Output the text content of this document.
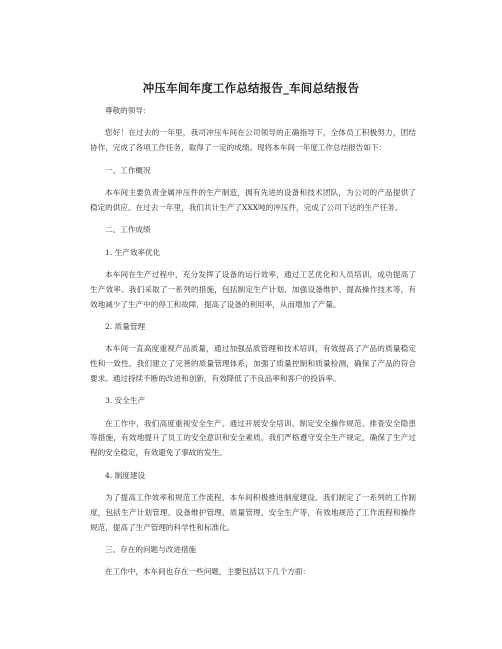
冲压车间年度工作总结报告_车间总结报告

尊敬的领导：

您好！在过去的一年里，我司冲压车间在公司领导的正确指导下，全体员工积极努力，团结协作，完成了各项工作任务，取得了一定的成绩。现将本车间一年度工作总结报告如下：

一、工作概况

本车间主要负责金属冲压件的生产制造，拥有先进的设备和技术团队，为公司的产品提供了稳定的供应。在过去一年里，我们共计生产了XXX吨的冲压件，完成了公司下达的生产任务。

二、工作成绩

1. 生产效率优化

本车间在生产过程中，充分发挥了设备的运行效率，通过工艺优化和人员培训，成功提高了生产效率。我们采取了一系列的措施，包括制定生产计划、加强设备维护、提高操作技术等，有效地减少了生产中的停工和故障，提高了设备的利用率，从而增加了产量。

2. 质量管理

本车间一直高度重视产品质量，通过加强品质管理和技术培训，有效提高了产品的质量稳定性和一致性。我们建立了完善的质量管理体系，加强了质量控制和质量检测，确保了产品的符合要求。通过持续不断的改进和创新，有效降低了不良品率和客户的投诉率。

3. 安全生产

在工作中，我们高度重视安全生产。通过开展安全培训、制定安全操作规范、排查安全隐患等措施，有效地提升了员工的安全意识和安全素质。我们严格遵守安全生产规定，确保了生产过程的安全稳定，有效避免了事故的发生。

4. 制度建设

为了提高工作效率和规范工作流程，本车间积极推进制度建设。我们制定了一系列的工作制度，包括生产计划管理、设备维护管理、质量管理、安全生产等，有效地规范了工作流程和操作规范，提高了生产管理的科学性和标准化。

三、存在的问题与改进措施

在工作中，本车间也存在一些问题，主要包括以下几个方面：
